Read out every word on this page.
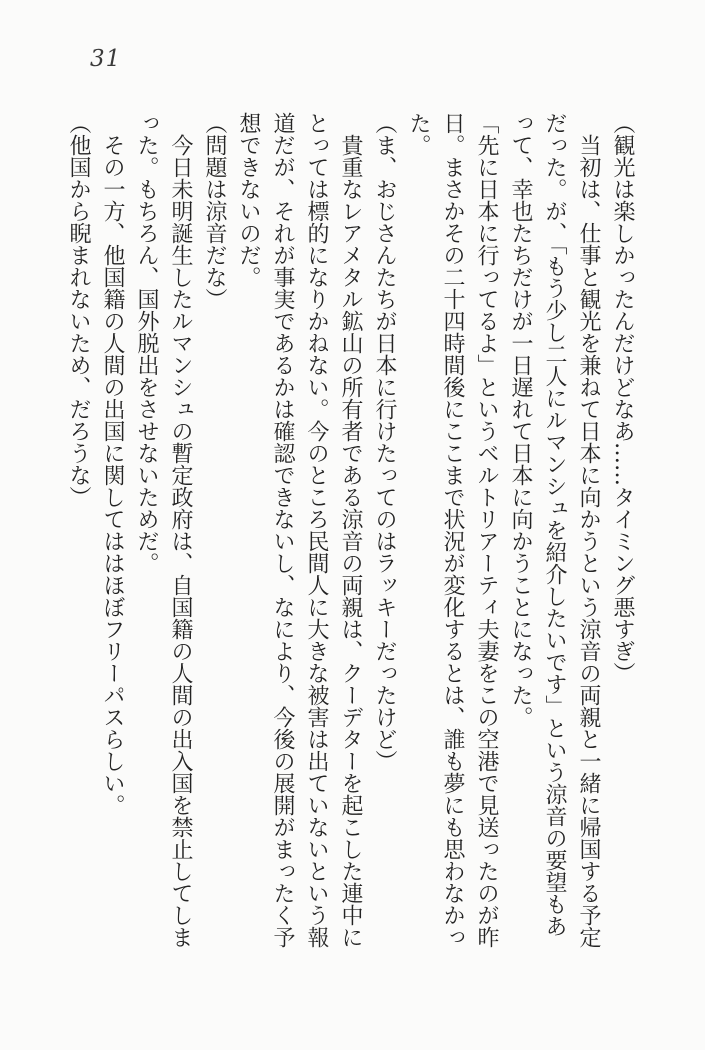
31

（観光は楽しかったんだけどなあ……タイミング悪すぎ）

当初は、仕事と観光を兼ねて日本に向かうという涼音の両親と一緒に帰国する予定だった。が、「もう少し二人にルマンシュを紹介したいです」という涼音の要望もあって、幸也たちだけが一日遅れて日本に向かうことになった。

「先に日本に行ってるよ」というベルトリアーティ夫妻をこの空港で見送ったのが昨日。まさかその二十四時間後にここまで状況が変化するとは、誰も夢にも思わなかった。

（ま、おじさんたちが日本に行けたってのはラッキーだったけど）

貴重なレアメタル鉱山の所有者である涼音の両親は、クーデターを起こした連中にとっては標的になりかねない。今のところ民間人に大きな被害は出ていないという報道だが、それが事実であるかは確認できないし、なにより、今後の展開がまったく予想できないのだ。

（問題は涼音だな）

今日未明誕生したルマンシュの暫定政府は、自国籍の人間の出入国を禁止してしまった。もちろん、国外脱出をさせないためだ。

その一方、他国籍の人間の出国に関してははほぼフリーパスらしい。

（他国から睨まれないため、だろうな）
